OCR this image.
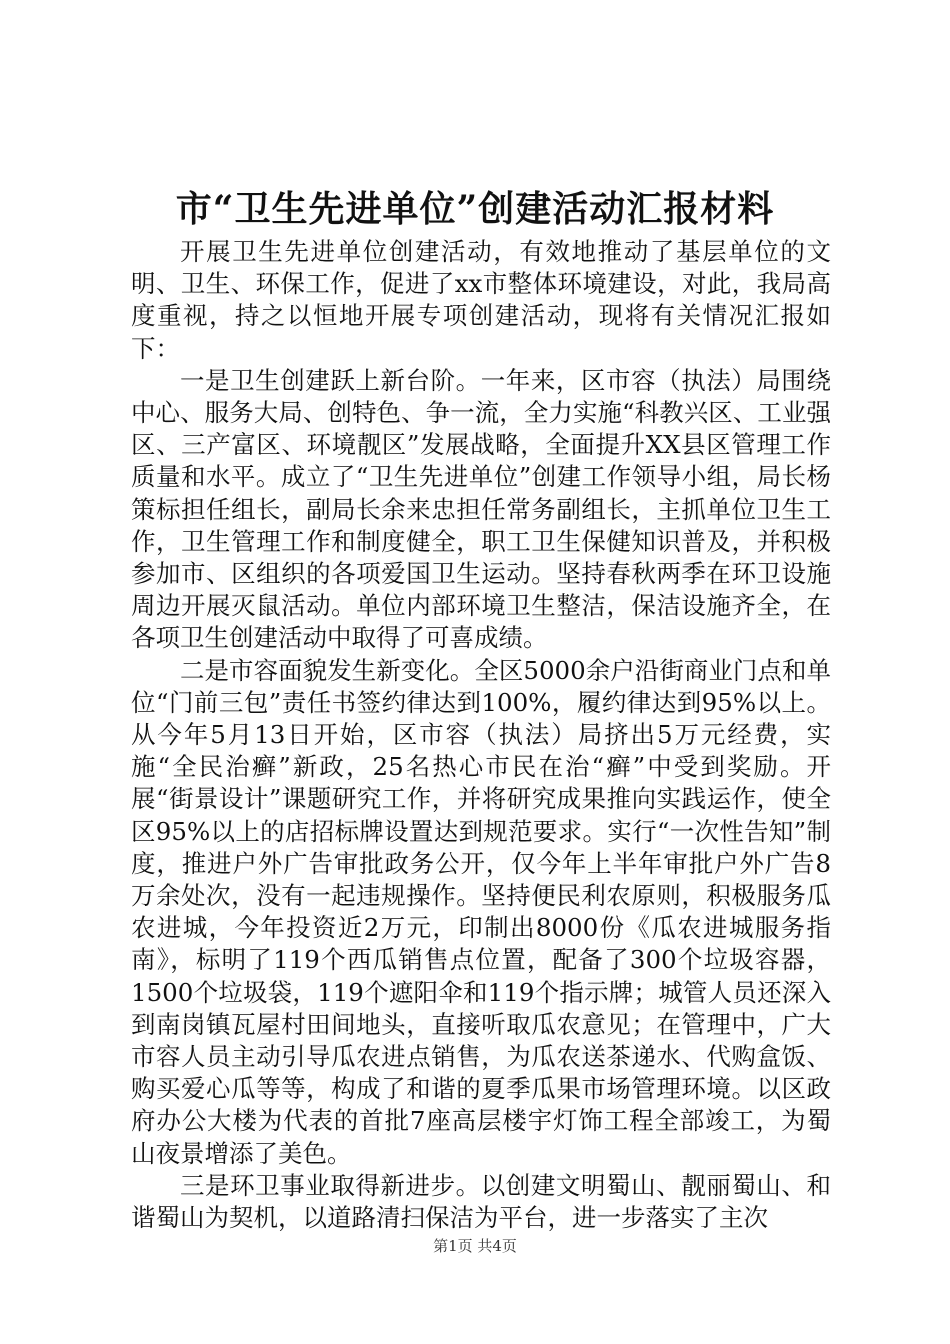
市“卫生先进单位”创建活动汇报材料

开展卫生先进单位创建活动，有效地推动了基层单位的文明、卫生、环保工作，促进了xx市整体环境建设，对此，我局高度重视，持之以恒地开展专项创建活动，现将有关情况汇报如下：

一是卫生创建跃上新台阶。一年来，区市容（执法）局围绕中心、服务大局、创特色、争一流，全力实施“科教兴区、工业强区、三产富区、环境靓区”发展战略，全面提升XX县区管理工作质量和水平。成立了“卫生先进单位”创建工作领导小组，局长杨策标担任组长，副局长余来忠担任常务副组长，主抓单位卫生工作，卫生管理工作和制度健全，职工卫生保健知识普及，并积极参加市、区组织的各项爱国卫生运动。坚持春秋两季在环卫设施周边开展灭鼠活动。单位内部环境卫生整洁，保洁设施齐全，在各项卫生创建活动中取得了可喜成绩。

二是市容面貌发生新变化。全区5000余户沿街商业门点和单位“门前三包”责任书签约律达到100%，履约律达到95%以上。从今年5月13日开始，区市容（执法）局挤出5万元经费，实施“全民治癣”新政，25名热心市民在治“癣”中受到奖励。开展“街景设计”课题研究工作，并将研究成果推向实践运作，使全区95%以上的店招标牌设置达到规范要求。实行“一次性告知”制度，推进户外广告审批政务公开，仅今年上半年审批户外广告8万余处次，没有一起违规操作。坚持便民利农原则，积极服务瓜农进城，今年投资近2万元，印制出8000份《瓜农进城服务指南》，标明了119个西瓜销售点位置，配备了300个垃圾容器，1500个垃圾袋，119个遮阳伞和119个指示牌；城管人员还深入到南岗镇瓦屋村田间地头，直接听取瓜农意见；在管理中，广大市容人员主动引导瓜农进点销售，为瓜农送茶递水、代购盒饭、购买爱心瓜等等，构成了和谐的夏季瓜果市场管理环境。以区政府办公大楼为代表的首批7座高层楼宇灯饰工程全部竣工，为蜀山夜景增添了美色。

三是环卫事业取得新进步。以创建文明蜀山、靓丽蜀山、和谐蜀山为契机，以道路清扫保洁为平台，进一步落实了主次

第1页 共4页
